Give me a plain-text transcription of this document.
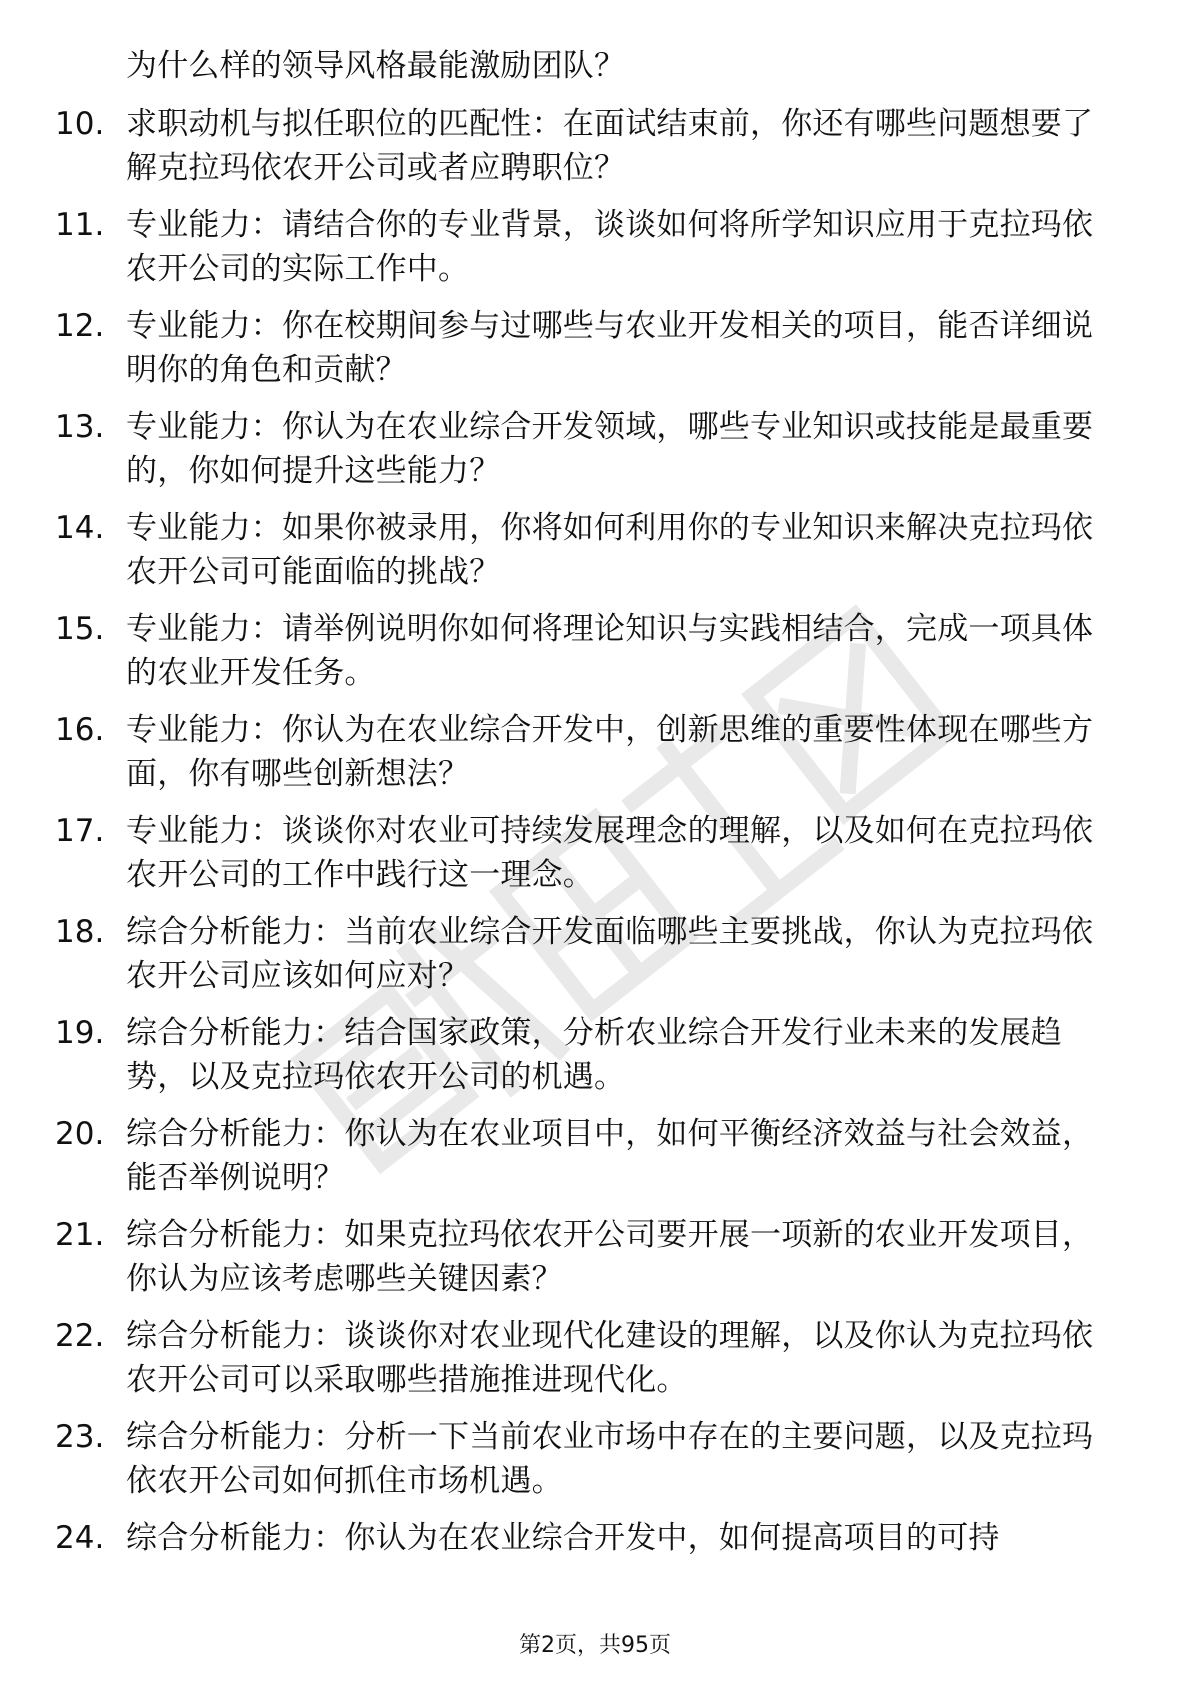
为什么样的领导风格最能激励团队？
10. 求职动机与拟任职位的匹配性：在面试结束前，你还有哪些问题想要了解克拉玛依农开公司或者应聘职位？
11. 专业能力：请结合你的专业背景，谈谈如何将所学知识应用于克拉玛依农开公司的实际工作中。
12. 专业能力：你在校期间参与过哪些与农业开发相关的项目，能否详细说明你的角色和贡献？
13. 专业能力：你认为在农业综合开发领域，哪些专业知识或技能是最重要的，你如何提升这些能力？
14. 专业能力：如果你被录用，你将如何利用你的专业知识来解决克拉玛依农开公司可能面临的挑战？
15. 专业能力：请举例说明你如何将理论知识与实践相结合，完成一项具体的农业开发任务。
16. 专业能力：你认为在农业综合开发中，创新思维的重要性体现在哪些方面，你有哪些创新想法？
17. 专业能力：谈谈你对农业可持续发展理念的理解，以及如何在克拉玛依农开公司的工作中践行这一理念。
18. 综合分析能力：当前农业综合开发面临哪些主要挑战，你认为克拉玛依农开公司应该如何应对？
19. 综合分析能力：结合国家政策，分析农业综合开发行业未来的发展趋势，以及克拉玛依农开公司的机遇。
20. 综合分析能力：你认为在农业项目中，如何平衡经济效益与社会效益，能否举例说明？
21. 综合分析能力：如果克拉玛依农开公司要开展一项新的农业开发项目，你认为应该考虑哪些关键因素？
22. 综合分析能力：谈谈你对农业现代化建设的理解，以及你认为克拉玛依农开公司可以采取哪些措施推进现代化。
23. 综合分析能力：分析一下当前农业市场中存在的主要问题，以及克拉玛依农开公司如何抓住市场机遇。
24. 综合分析能力：你认为在农业综合开发中，如何提高项目的可持
第2页，共95页
